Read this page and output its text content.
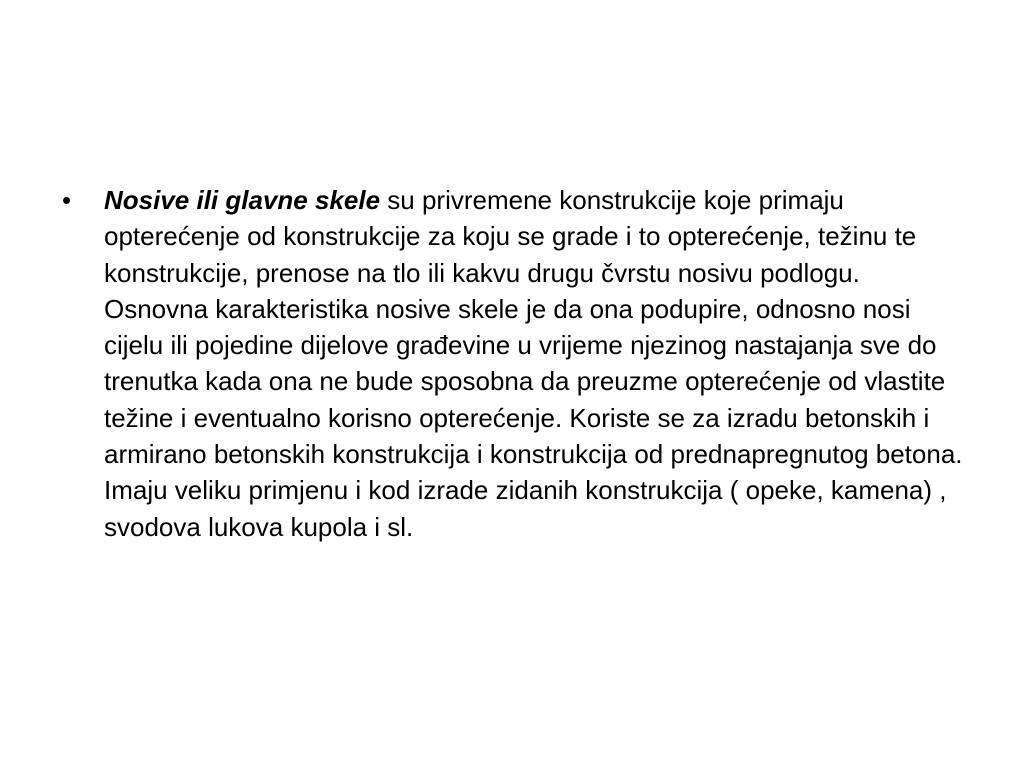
•	Nosive ili glavne skele su privremene konstrukcije koje primaju opterećenje od konstrukcije za koju se grade i to opterećenje, težinu te konstrukcije, prenose na tlo ili kakvu drugu čvrstu nosivu podlogu. Osnovna karakteristika nosive skele je da ona podupire, odnosno nosi cijelu ili pojedine dijelove građevine u vrijeme njezinog nastajanja sve do trenutka kada ona ne bude sposobna da preuzme opterećenje od vlastite težine i eventualno korisno opterećenje. Koriste se za izradu betonskih i armirano betonskih konstrukcija i konstrukcija od prednapregnutog betona. Imaju veliku primjenu i kod izrade zidanih konstrukcija ( opeke, kamena) , svodova lukova kupola i sl.
